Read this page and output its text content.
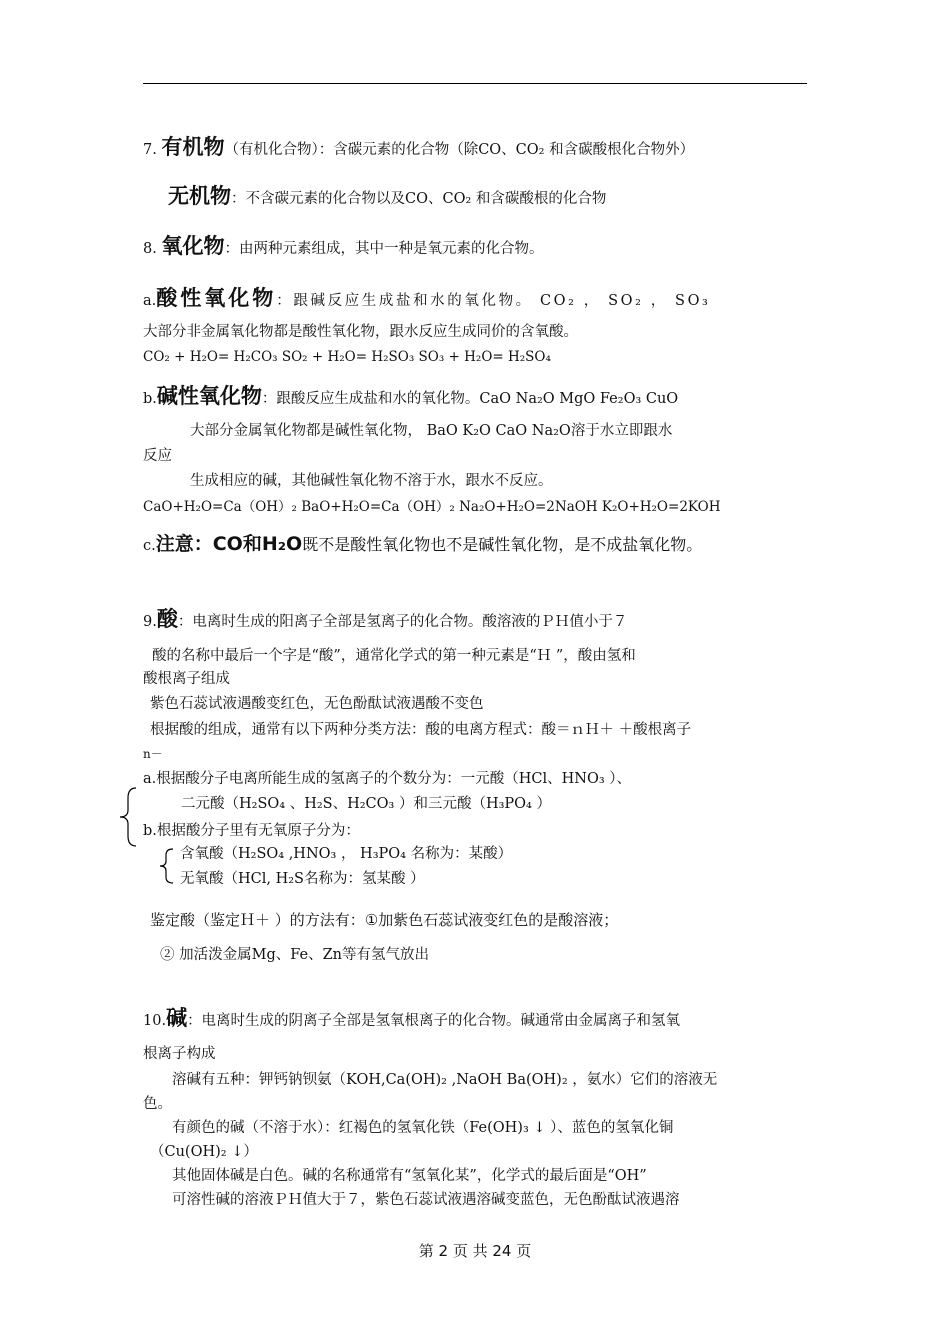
7. 有机物（有机化合物）：含碳元素的化合物（除CO、CO₂ 和含碳酸根化合物外）
无机物：不含碳元素的化合物以及CO、CO₂ 和含碳酸根的化合物
8. 氧化物：由两种元素组成，其中一种是氧元素的化合物。
a.酸性氧化物：跟碱反应生成盐和水的氧化物。 CO₂ ， SO₂ ， SO₃
大部分非金属氧化物都是酸性氧化物，跟水反应生成同价的含氧酸。
CO₂ + H₂O= H₂CO₃ SO₂ + H₂O= H₂SO₃ SO₃ + H₂O= H₂SO₄
b.碱性氧化物：跟酸反应生成盐和水的氧化物。CaO Na₂O MgO Fe₂O₃ CuO
大部分金属氧化物都是碱性氧化物， BaO K₂O CaO Na₂O溶于水立即跟水
反应
生成相应的碱，其他碱性氧化物不溶于水，跟水不反应。
CaO+H₂O=Ca（OH）₂ BaO+H₂O=Ca（OH）₂ Na₂O+H₂O=2NaOH K₂O+H₂O=2KOH
c.注意：CO和H₂O既不是酸性氧化物也不是碱性氧化物，是不成盐氧化物。
9.酸：电离时生成的阳离子全部是氢离子的化合物。酸溶液的ＰＨ值小于７
酸的名称中最后一个字是“酸”，通常化学式的第一种元素是“Ｈ ”，酸由氢和
酸根离子组成
紫色石蕊试液遇酸变红色，无色酚酞试液遇酸不变色
根据酸的组成，通常有以下两种分类方法：酸的电离方程式：酸＝ｎＨ＋ ＋酸根离子
n－
a.根据酸分子电离所能生成的氢离子的个数分为：一元酸（HCl、HNO₃ ）、
二元酸（H₂SO₄ 、H₂S、H₂CO₃ ）和三元酸（H₃PO₄ ）
b.根据酸分子里有无氧原子分为：
含氧酸（H₂SO₄ ,HNO₃ ， H₃PO₄ 名称为：某酸）
无氧酸（HCl, H₂S名称为：氢某酸 ）
鉴定酸（鉴定Ｈ＋ ）的方法有：①加紫色石蕊试液变红色的是酸溶液；
② 加活泼金属Mg、Fe、Zn等有氢气放出
10.碱：电离时生成的阴离子全部是氢氧根离子的化合物。碱通常由金属离子和氢氧
根离子构成
溶碱有五种：钾钙钠钡氨（KOH,Ca(OH)₂ ,NaOH Ba(OH)₂ ，氨水）它们的溶液无
色。
有颜色的碱（不溶于水）：红褐色的氢氧化铁（Fe(OH)₃ ↓ ）、蓝色的氢氧化铜
（Cu(OH)₂ ↓）
其他固体碱是白色。碱的名称通常有“氢氧化某”，化学式的最后面是“OH”
可溶性碱的溶液ＰＨ值大于７，紫色石蕊试液遇溶碱变蓝色，无色酚酞试液遇溶
第 2 页 共 24 页
